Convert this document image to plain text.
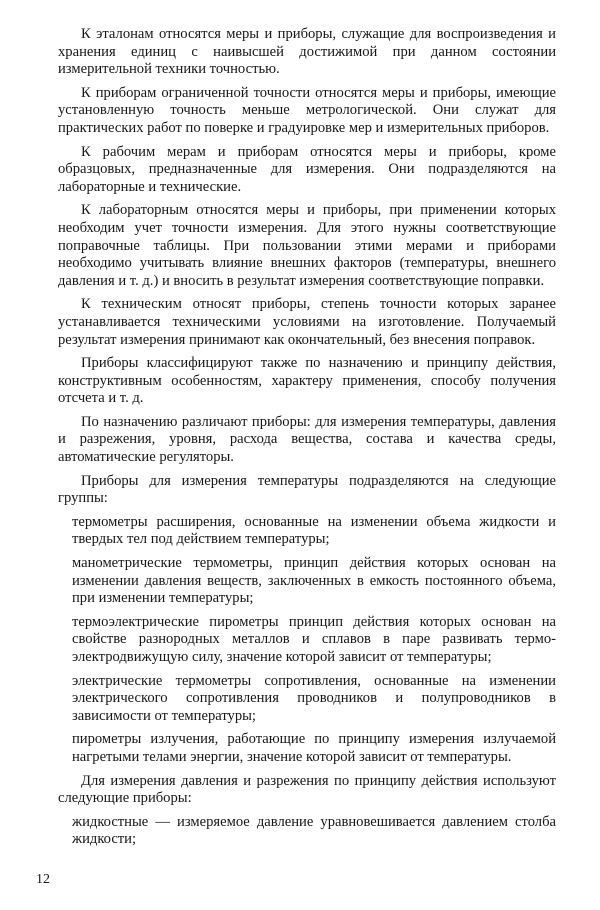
К эталонам относятся меры и приборы, служащие для воспроизведения и хранения единиц с наивысшей достижимой при данном состоянии измерительной техники точностью.

К приборам ограниченной точности относятся меры и приборы, имеющие установленную точность меньше метрологической. Они служат для практических работ по поверке и градуировке мер и измерительных приборов.

К рабочим мерам и приборам относятся меры и приборы, кроме образцовых, предназначенные для измерения. Они подразделяются на лабораторные и технические.

К лабораторным относятся меры и приборы, при применении которых необходим учет точности измерения. Для этого нужны соответствующие поправочные таблицы. При пользовании этими мерами и приборами необходимо учитывать влияние внешних факторов (температуры, внешнего давления и т. д.) и вносить в результат измерения соответствующие поправки.

К техническим относят приборы, степень точности которых заранее устанавливается техническими условиями на изготовление. Получаемый результат измерения принимают как окончательный, без внесения поправок.

Приборы классифицируют также по назначению и принципу действия, конструктивным особенностям, характеру применения, способу получения отсчета и т. д.

По назначению различают приборы: для измерения температуры, давления и разрежения, уровня, расхода вещества, состава и качества среды, автоматические регуляторы.

Приборы для измерения температуры подразделяются на следующие группы:

термометры расширения, основанные на изменении объема жидкости и твердых тел под действием температуры;

манометрические термометры, принцип действия которых основан на изменении давления веществ, заключенных в емкость постоянного объема, при изменении температуры;

термоэлектрические пирометры принцип действия которых основан на свойстве разнородных металлов и сплавов в паре развивать термо-электродвижущую силу, значение которой зависит от температуры;

электрические термометры сопротивления, основанные на изменении электрического сопротивления проводников и полупроводников в зависимости от температуры;

пирометры излучения, работающие по принципу измерения излучаемой нагретыми телами энергии, значение которой зависит от температуры.

Для измерения давления и разрежения по принципу действия используют следующие приборы:

жидкостные — измеряемое давление уравновешивается давлением столба жидкости;

12
